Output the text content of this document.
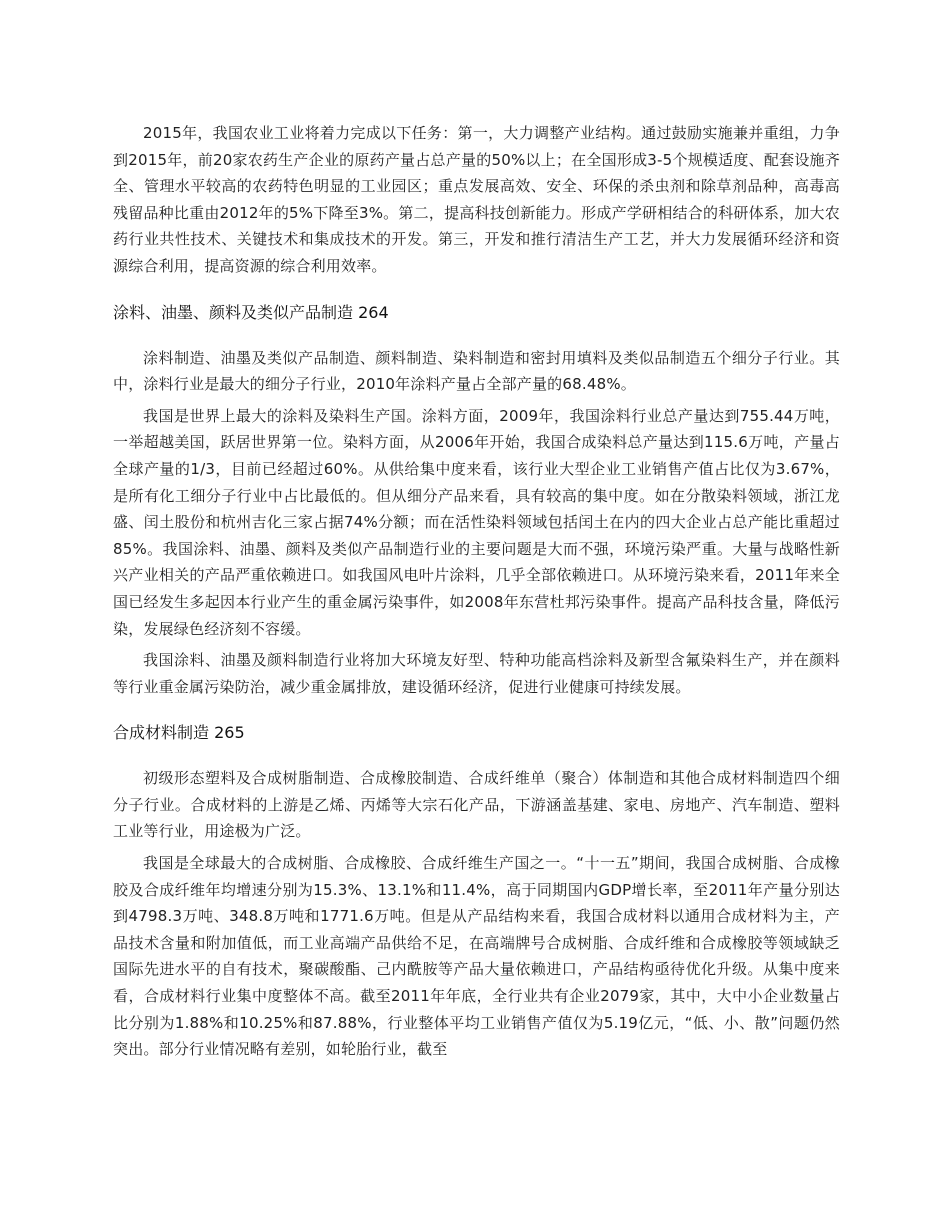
2015年，我国农业工业将着力完成以下任务：第一，大力调整产业结构。通过鼓励实施兼并重组，力争到2015年，前20家农药生产企业的原药产量占总产量的50%以上；在全国形成3-5个规模适度、配套设施齐全、管理水平较高的农药特色明显的工业园区；重点发展高效、安全、环保的杀虫剂和除草剂品种，高毒高残留品种比重由2012年的5%下降至3%。第二，提高科技创新能力。形成产学研相结合的科研体系，加大农药行业共性技术、关键技术和集成技术的开发。第三，开发和推行清洁生产工艺，并大力发展循环经济和资源综合利用，提高资源的综合利用效率。

涂料、油墨、颜料及类似产品制造 264

涂料制造、油墨及类似产品制造、颜料制造、染料制造和密封用填料及类似品制造五个细分子行业。其中，涂料行业是最大的细分子行业，2010年涂料产量占全部产量的68.48%。

我国是世界上最大的涂料及染料生产国。涂料方面，2009年，我国涂料行业总产量达到755.44万吨，一举超越美国，跃居世界第一位。染料方面，从2006年开始，我国合成染料总产量达到115.6万吨，产量占全球产量的1/3，目前已经超过60%。从供给集中度来看，该行业大型企业工业销售产值占比仅为3.67%，是所有化工细分子行业中占比最低的。但从细分产品来看，具有较高的集中度。如在分散染料领域，浙江龙盛、闰土股份和杭州吉化三家占据74%分额；而在活性染料领域包括闰土在内的四大企业占总产能比重超过85%。我国涂料、油墨、颜料及类似产品制造行业的主要问题是大而不强，环境污染严重。大量与战略性新兴产业相关的产品严重依赖进口。如我国风电叶片涂料，几乎全部依赖进口。从环境污染来看，2011年来全国已经发生多起因本行业产生的重金属污染事件，如2008年东营杜邦污染事件。提高产品科技含量，降低污染，发展绿色经济刻不容缓。

我国涂料、油墨及颜料制造行业将加大环境友好型、特种功能高档涂料及新型含氟染料生产，并在颜料等行业重金属污染防治，减少重金属排放，建设循环经济，促进行业健康可持续发展。

合成材料制造 265

初级形态塑料及合成树脂制造、合成橡胶制造、合成纤维单（聚合）体制造和其他合成材料制造四个细分子行业。合成材料的上游是乙烯、丙烯等大宗石化产品，下游涵盖基建、家电、房地产、汽车制造、塑料工业等行业，用途极为广泛。

我国是全球最大的合成树脂、合成橡胶、合成纤维生产国之一。“十一五”期间，我国合成树脂、合成橡胶及合成纤维年均增速分别为15.3%、13.1%和11.4%，高于同期国内GDP增长率，至2011年产量分别达到4798.3万吨、348.8万吨和1771.6万吨。但是从产品结构来看，我国合成材料以通用合成材料为主，产品技术含量和附加值低，而工业高端产品供给不足，在高端牌号合成树脂、合成纤维和合成橡胶等领域缺乏国际先进水平的自有技术，聚碳酸酯、己内酰胺等产品大量依赖进口，产品结构亟待优化升级。从集中度来看，合成材料行业集中度整体不高。截至2011年年底，全行业共有企业2079家，其中，大中小企业数量占比分别为1.88%和10.25%和87.88%，行业整体平均工业销售产值仅为5.19亿元，“低、小、散”问题仍然突出。部分行业情况略有差别，如轮胎行业，截至
